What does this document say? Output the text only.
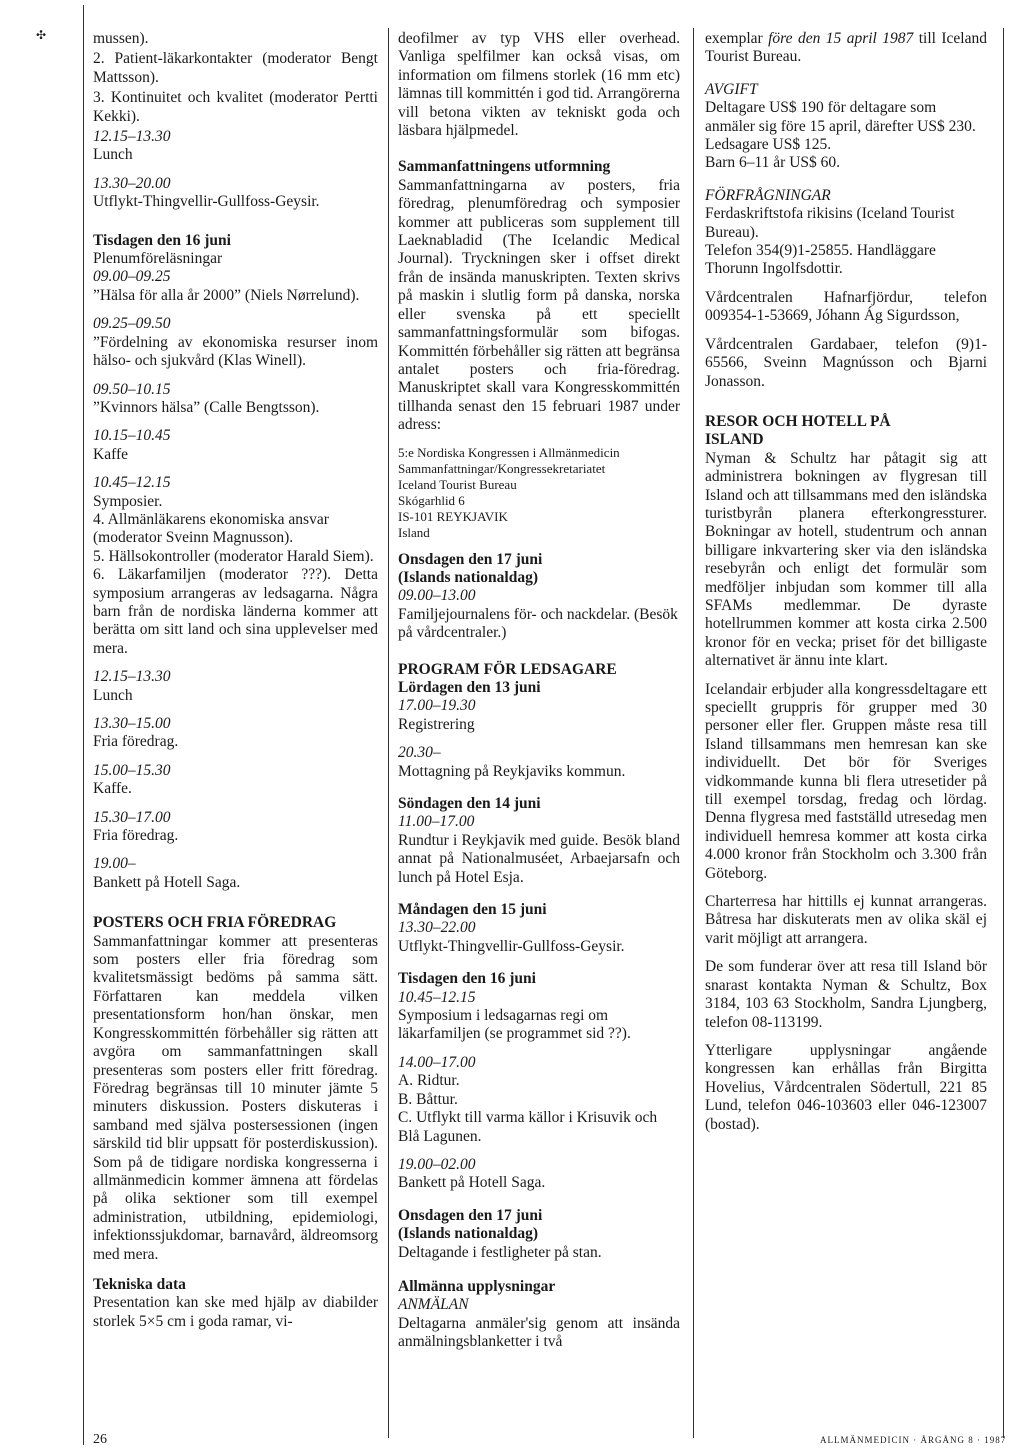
✣	mussen).

2. Patient-läkarkontakter (moderator Bengt Mattsson).

3. Kontinuitet och kvalitet (moderator Pertti Kekki).

12.15–13.30
Lunch
13.30–20.00
Utflykt-Thingvellir-Gullfoss-Geysir.
Tisdagen den 16 juni
Plenumföreläsningar
09.00–09.25
”Hälsa för alla år 2000” (Niels Nørrelund).
09.25–09.50
”Fördelning av ekonomiska resurser inom hälso- och sjukvård (Klas Winell).
09.50–10.15
”Kvinnors hälsa” (Calle Bengtsson).
10.15–10.45
Kaffe
10.45–12.15
Symposier.
4. Allmänläkarens ekonomiska ansvar (moderator Sveinn Magnusson).
5. Hällsokontroller (moderator Harald Siem).
6. Läkarfamiljen (moderator ???). Detta symposium arrangeras av ledsagarna. Några barn från de nordiska länderna kommer att berätta om sitt land och sina upplevelser med mera.
12.15–13.30
Lunch
13.30–15.00
Fria föredrag.
15.00–15.30
Kaffe.
15.30–17.00
Fria föredrag.
19.00–
Bankett på Hotell Saga.
POSTERS OCH FRIA FÖREDRAG

Sammanfattningar kommer att presenteras som posters eller fria föredrag som kvalitetsmässigt bedöms på samma sätt. Författaren kan meddela vilken presentationsform hon/han önskar, men Kongresskommittén förbehåller sig rätten att avgöra om sammanfattningen skall presenteras som posters eller fritt föredrag. Föredrag begränsas till 10 minuter jämte 5 minuters diskussion. Posters diskuteras i samband med själva postersessionen (ingen särskild tid blir uppsatt för posterdiskussion). Som på de tidigare nordiska kongresserna i allmänmedicin kommer ämnena att fördelas på olika sektioner som till exempel administration, utbildning, epidemiologi, infektionssjukdomar, barnavård, äldreomsorg med mera.

Tekniska data

Presentation kan ske med hjälp av diabilder storlek 5×5 cm i goda ramar, vi-

deofilmer av typ VHS eller overhead. Vanliga spelfilmer kan också visas, om information om filmens storlek (16 mm etc) lämnas till kommittén i god tid. Arrangörerna vill betona vikten av tekniskt goda och läsbara hjälpmedel.

Sammanfattningens utformning

Sammanfattningarna av posters, fria föredrag, plenumföredrag och symposier kommer att publiceras som supplement till Laeknabladid (The Icelandic Medical Journal). Tryckningen sker i offset direkt från de insända manuskripten. Texten skrivs på maskin i slutlig form på danska, norska eller svenska på ett speciellt sammanfattningsformulär som bifogas. Kommittén förbehåller sig rätten att begränsa antalet posters och fria-föredrag. Manuskriptet skall vara Kongresskommittén tillhanda senast den 15 februari 1987 under adress:

5:e Nordiska Kongressen i Allmänmedicin
Sammanfattningar/Kongressekretariatet
Iceland Tourist Bureau
Skógarhlid 6
IS-101 REYKJAVIK
Island
Onsdagen den 17 juni
(Islands nationaldag)
09.00–13.00
Familjejournalens för- och nackdelar. (Besök på vårdcentraler.)
PROGRAM FÖR LEDSAGARE
Lördagen den 13 juni
17.00–19.30
Registrering
20.30–
Mottagning på Reykjaviks kommun.
Söndagen den 14 juni
11.00–17.00
Rundtur i Reykjavik med guide. Besök bland annat på Nationalmuséet, Arbaejarsafn och lunch på Hotel Esja.
Måndagen den 15 juni
13.30–22.00
Utflykt-Thingvellir-Gullfoss-Geysir.
Tisdagen den 16 juni
10.45–12.15
Symposium i ledsagarnas regi om läkarfamiljen (se programmet sid ??).
14.00–17.00
A. Ridtur.
B. Båttur.
C. Utflykt till varma källor i Krisuvik och Blå Lagunen.
19.00–02.00
Bankett på Hotell Saga.
Onsdagen den 17 juni
(Islands nationaldag)
Deltagande i festligheter på stan.
Allmänna upplysningar
ANMÄLAN

Deltagarna anmäler'sig genom att insända anmälningsblanketter i två

exemplar före den 15 april 1987 till Iceland Tourist Bureau.

AVGIFT
Deltagare US$ 190 för deltagare som anmäler sig före 15 april, därefter US$ 230.
Ledsagare US$ 125.
Barn 6–11 år US$ 60.
FÖRFRÅGNINGAR
Ferdaskriftstofa rikisins (Iceland Tourist Bureau).
Telefon 354(9)1-25855. Handläggare Thorunn Ingolfsdottir.

Vårdcentralen Hafnarfjördur, telefon 009354-1-53669, Jóhann Ág Sigurdsson,

Vårdcentralen Gardabaer, telefon (9)1-65566, Sveinn Magnússon och Bjarni Jonasson.

RESOR OCH HOTELL PÅ ISLAND

Nyman & Schultz har påtagit sig att administrera bokningen av flygresan till Island och att tillsammans med den isländska turistbyrån planera efterkongressturer. Bokningar av hotell, studentrum och annan billigare inkvartering sker via den isländska resebyrån och enligt det formulär som medföljer inbjudan som kommer till alla SFAMs medlemmar. De dyraste hotellrummen kommer att kosta cirka 2.500 kronor för en vecka; priset för det billigaste alternativet är ännu inte klart.

Icelandair erbjuder alla kongressdeltagare ett speciellt gruppris för grupper med 30 personer eller fler. Gruppen måste resa till Island tillsammans men hemresan kan ske individuellt. Det bör för Sveriges vidkommande kunna bli flera utresetider på till exempel torsdag, fredag och lördag. Denna flygresa med fastställd utresedag men individuell hemresa kommer att kosta cirka 4.000 kronor från Stockholm och 3.300 från Göteborg.

Charterresa har hittills ej kunnat arrangeras. Båtresa har diskuterats men av olika skäl ej varit möjligt att arrangera.

De som funderar över att resa till Island bör snarast kontakta Nyman & Schultz, Box 3184, 103 63 Stockholm, Sandra Ljungberg, telefon 08-113199.

Ytterligare upplysningar angående kongressen kan erhållas från Birgitta Hovelius, Vårdcentralen Södertull, 221 85 Lund, telefon 046-103603 eller 046-123007 (bostad).

26	ALLMÄNMEDICIN · ÅRGÅNG 8 · 1987
